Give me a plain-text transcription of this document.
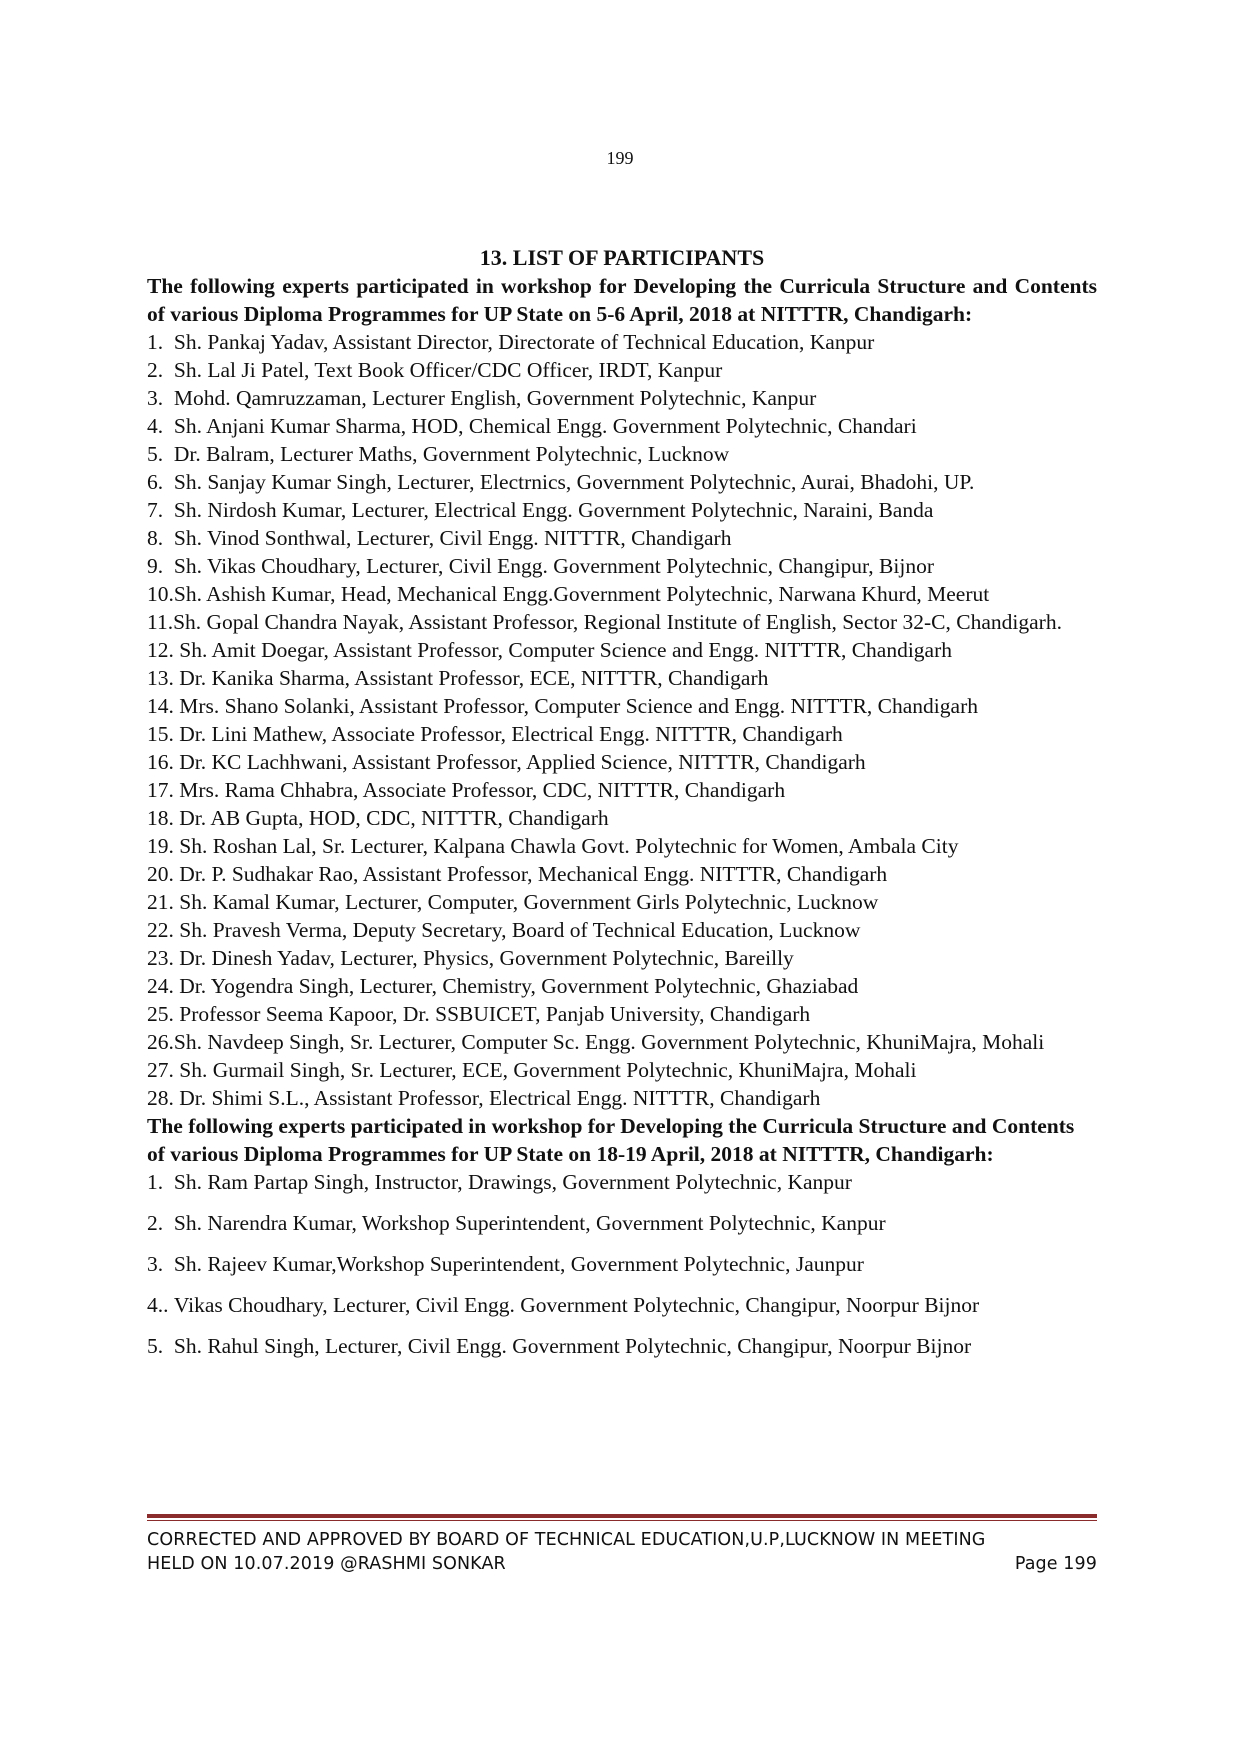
199
13. LIST OF PARTICIPANTS

The following experts participated in workshop for Developing the Curricula Structure and Contents of various Diploma Programmes for UP State on 5-6 April, 2018 at NITTTR, Chandigarh:

1. Sh. Pankaj Yadav, Assistant Director, Directorate of Technical Education, Kanpur
2. Sh. Lal Ji Patel, Text Book Officer/CDC Officer, IRDT, Kanpur
3. Mohd. Qamruzzaman, Lecturer English, Government Polytechnic, Kanpur
4. Sh. Anjani Kumar Sharma, HOD, Chemical Engg. Government Polytechnic, Chandari
5. Dr. Balram, Lecturer Maths, Government Polytechnic, Lucknow
6. Sh. Sanjay Kumar Singh, Lecturer, Electrnics, Government Polytechnic, Aurai, Bhadohi, UP.
7. Sh. Nirdosh Kumar, Lecturer, Electrical Engg. Government Polytechnic, Naraini, Banda
8. Sh. Vinod Sonthwal, Lecturer, Civil Engg. NITTTR, Chandigarh
9. Sh. Vikas Choudhary, Lecturer, Civil Engg. Government Polytechnic, Changipur, Bijnor
10. Sh. Ashish Kumar, Head, Mechanical Engg.Government Polytechnic, Narwana Khurd, Meerut
11. Sh. Gopal Chandra Nayak, Assistant Professor, Regional Institute of English, Sector 32-C, Chandigarh.
12. Sh. Amit Doegar, Assistant Professor, Computer Science and Engg. NITTTR, Chandigarh
13. Dr. Kanika Sharma, Assistant Professor, ECE, NITTTR, Chandigarh
14. Mrs. Shano Solanki, Assistant Professor, Computer Science and Engg. NITTTR, Chandigarh
15. Dr. Lini Mathew, Associate Professor, Electrical Engg. NITTTR, Chandigarh
16. Dr. KC Lachhwani, Assistant Professor, Applied Science, NITTTR, Chandigarh
17. Mrs. Rama Chhabra, Associate Professor, CDC, NITTTR, Chandigarh
18. Dr. AB Gupta, HOD, CDC, NITTTR, Chandigarh
19. Sh. Roshan Lal, Sr. Lecturer, Kalpana Chawla Govt. Polytechnic for Women, Ambala City
20. Dr. P. Sudhakar Rao, Assistant Professor, Mechanical Engg. NITTTR, Chandigarh
21. Sh. Kamal Kumar, Lecturer, Computer, Government Girls Polytechnic, Lucknow
22. Sh. Pravesh Verma, Deputy Secretary, Board of Technical Education, Lucknow
23. Dr. Dinesh Yadav, Lecturer, Physics, Government Polytechnic, Bareilly
24. Dr. Yogendra Singh, Lecturer, Chemistry, Government Polytechnic, Ghaziabad
25. Professor Seema Kapoor, Dr. SSBUICET, Panjab University, Chandigarh
26. Sh. Navdeep Singh, Sr. Lecturer, Computer Sc. Engg. Government Polytechnic, KhuniMajra, Mohali
27. Sh. Gurmail Singh, Sr. Lecturer, ECE, Government Polytechnic, KhuniMajra, Mohali
28. Dr. Shimi S.L., Assistant Professor, Electrical Engg. NITTTR, Chandigarh

The following experts participated in workshop for Developing the Curricula Structure and Contents of various Diploma Programmes for UP State on 18-19 April, 2018 at NITTTR, Chandigarh:

1. Sh. Ram Partap Singh, Instructor, Drawings, Government Polytechnic, Kanpur
2. Sh. Narendra Kumar, Workshop Superintendent, Government Polytechnic, Kanpur
3. Sh. Rajeev Kumar,Workshop Superintendent, Government Polytechnic, Jaunpur
4.. Vikas Choudhary, Lecturer, Civil Engg. Government Polytechnic, Changipur, Noorpur Bijnor
5. Sh. Rahul Singh, Lecturer, Civil Engg. Government Polytechnic, Changipur, Noorpur Bijnor
CORRECTED AND APPROVED BY BOARD OF TECHNICAL EDUCATION,U.P,LUCKNOW IN MEETING
HELD ON 10.07.2019 @RASHMI SONKAR	Page 199
